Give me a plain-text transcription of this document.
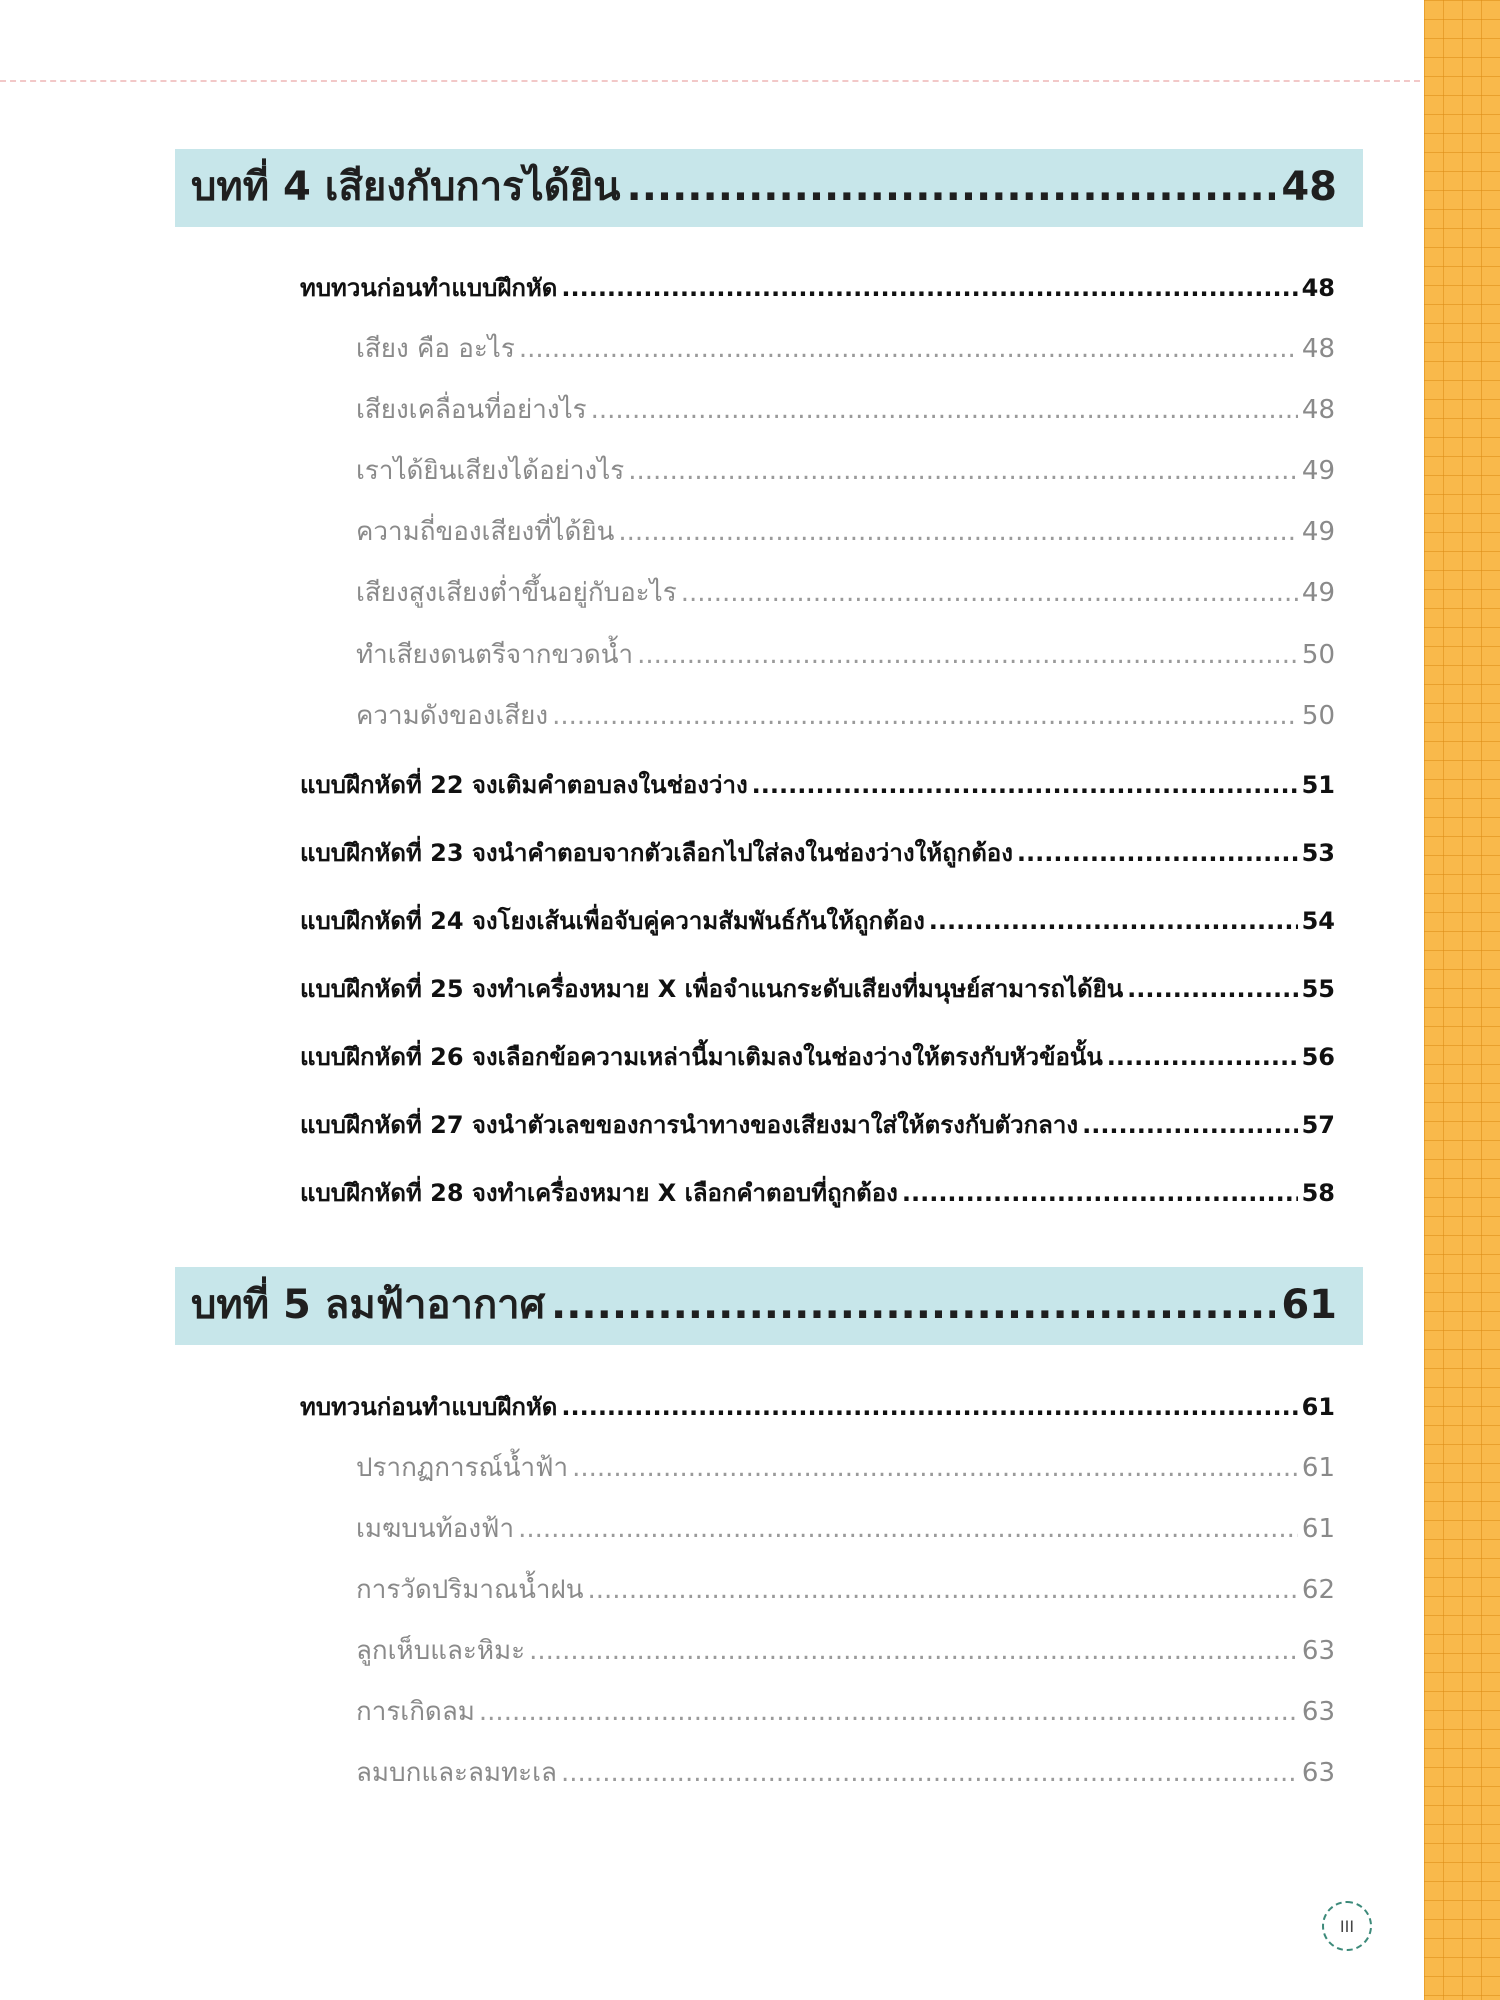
บทที่ 4 เสียงกับการได้ยิน .....	48
ทบทวนก่อนทำแบบฝึกหัด .....	48
เสียง คือ อะไร .....	48
เสียงเคลื่อนที่อย่างไร .....	48
เราได้ยินเสียงได้อย่างไร .....	49
ความถี่ของเสียงที่ได้ยิน .....	49
เสียงสูงเสียงต่ำขึ้นอยู่กับอะไร .....	49
ทำเสียงดนตรีจากขวดน้ำ .....	50
ความดังของเสียง .....	50
แบบฝึกหัดที่ 22 จงเติมคำตอบลงในช่องว่าง .....	51
แบบฝึกหัดที่ 23 จงนำคำตอบจากตัวเลือกไปใส่ลงในช่องว่างให้ถูกต้อง .....	53
แบบฝึกหัดที่ 24 จงโยงเส้นเพื่อจับคู่ความสัมพันธ์กันให้ถูกต้อง .....	54
แบบฝึกหัดที่ 25 จงทำเครื่องหมาย X เพื่อจำแนกระดับเสียงที่มนุษย์สามารถได้ยิน .....	55
แบบฝึกหัดที่ 26 จงเลือกข้อความเหล่านี้มาเติมลงในช่องว่างให้ตรงกับหัวข้อนั้น .....	56
แบบฝึกหัดที่ 27 จงนำตัวเลขของการนำทางของเสียงมาใส่ให้ตรงกับตัวกลาง .....	57
แบบฝึกหัดที่ 28 จงทำเครื่องหมาย X เลือกคำตอบที่ถูกต้อง .....	58
บทที่ 5 ลมฟ้าอากาศ .....	61
ทบทวนก่อนทำแบบฝึกหัด .....	61
ปรากฏการณ์น้ำฟ้า .....	61
เมฆบนท้องฟ้า .....	61
การวัดปริมาณน้ำฝน .....	62
ลูกเห็บและหิมะ .....	63
การเกิดลม .....	63
ลมบกและลมทะเล .....	63
III
